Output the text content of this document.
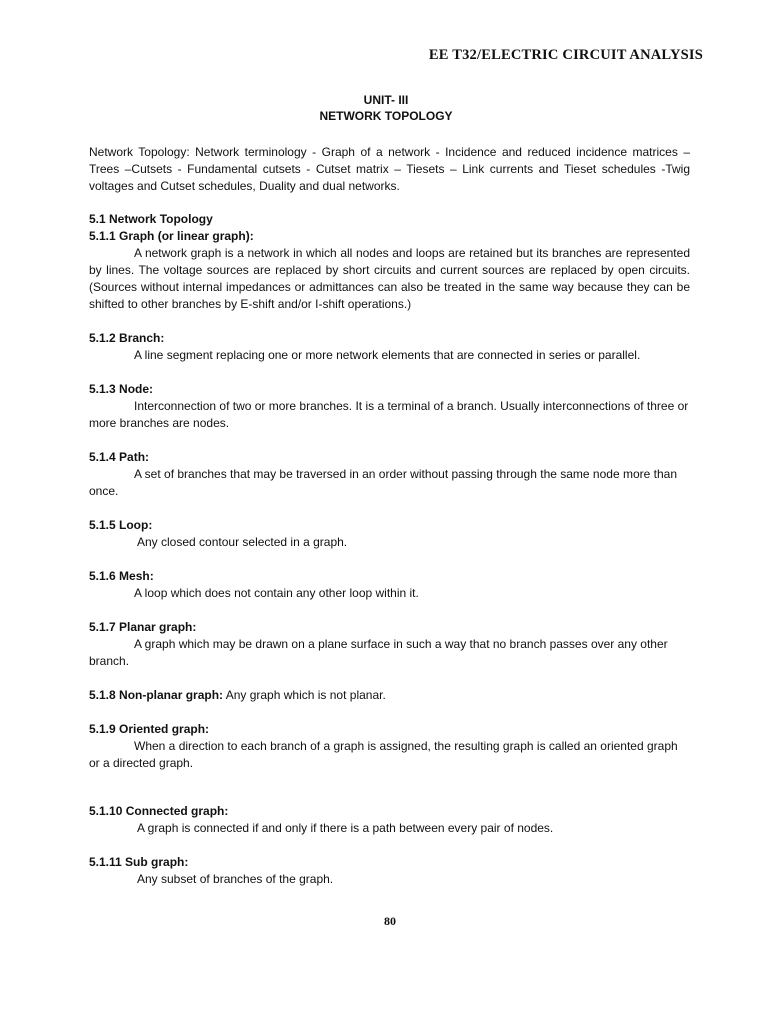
EE T32/ELECTRIC CIRCUIT ANALYSIS
UNIT- III
NETWORK TOPOLOGY

Network Topology: Network terminology - Graph of a network - Incidence and reduced incidence matrices – Trees –Cutsets - Fundamental cutsets - Cutset matrix – Tiesets – Link currents and Tieset schedules -Twig voltages and Cutset schedules, Duality and dual networks.

5.1 Network Topology

5.1.1 Graph (or linear graph):

A network graph is a network in which all nodes and loops are retained but its branches are represented by lines. The voltage sources are replaced by short circuits and current sources are replaced by open circuits. (Sources without internal impedances or admittances can also be treated in the same way because they can be shifted to other branches by E-shift and/or I-shift operations.)

5.1.2 Branch:

A line segment replacing one or more network elements that are connected in series or parallel.

5.1.3 Node:

Interconnection of two or more branches. It is a terminal of a branch. Usually interconnections of three or more branches are nodes.

5.1.4 Path:

A set of branches that may be traversed in an order without passing through the same node more than once.

5.1.5 Loop:

Any closed contour selected in a graph.

5.1.6 Mesh:

A loop which does not contain any other loop within it.

5.1.7 Planar graph:

A graph which may be drawn on a plane surface in such a way that no branch passes over any other branch.

5.1.8 Non-planar graph: Any graph which is not planar.

5.1.9 Oriented graph:

When a direction to each branch of a graph is assigned, the resulting graph is called an oriented graph or a directed graph.

5.1.10 Connected graph:

A graph is connected if and only if there is a path between every pair of nodes.

5.1.11 Sub graph:

Any subset of branches of the graph.

80
